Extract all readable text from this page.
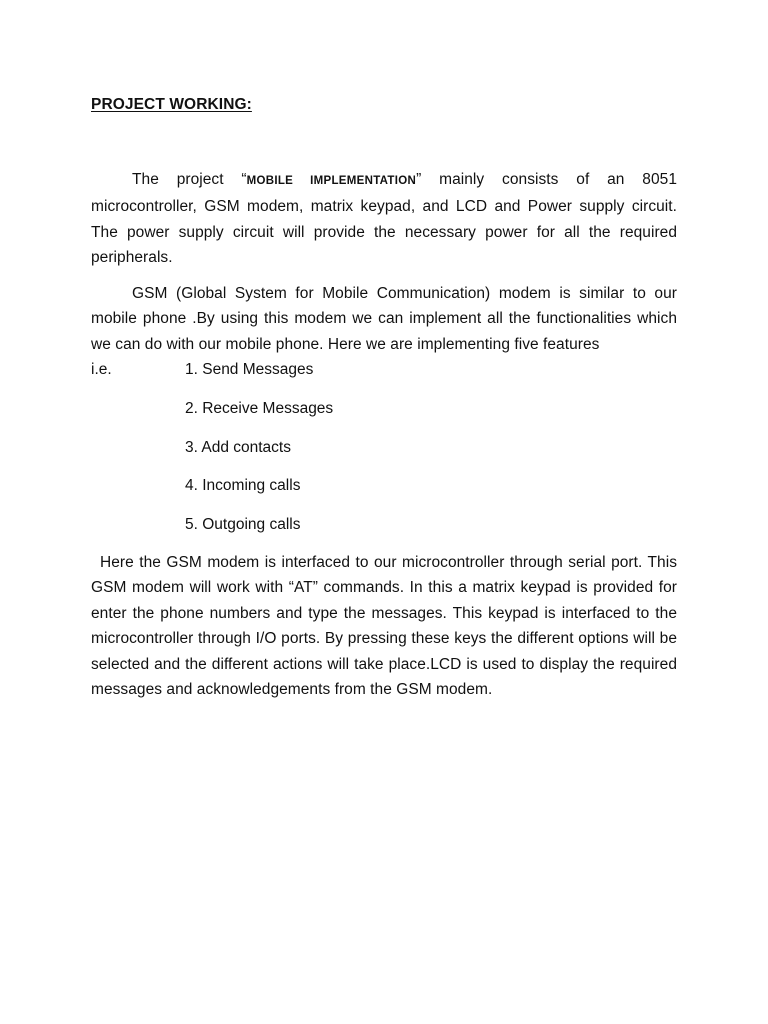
PROJECT WORKING:
The project “MOBILE IMPLEMENTATION” mainly consists of an 8051 microcontroller, GSM modem, matrix keypad, and LCD and Power supply circuit. The power supply circuit will provide the necessary power for all the required peripherals.
GSM (Global System for Mobile Communication) modem is similar to our mobile phone .By using this modem we can implement all the functionalities which we can do with our mobile phone. Here we are implementing five features
i.e.	1. Send Messages
2. Receive Messages
3. Add contacts
4. Incoming calls
5. Outgoing calls
Here the GSM modem is interfaced to our microcontroller through serial port. This GSM modem will work with “AT” commands. In this a matrix keypad is provided for enter the phone numbers and type the messages. This keypad is interfaced to the microcontroller through I/O ports. By pressing these keys the different options will be selected and the different actions will take place.LCD is used to display the required messages and acknowledgements from the GSM modem.
